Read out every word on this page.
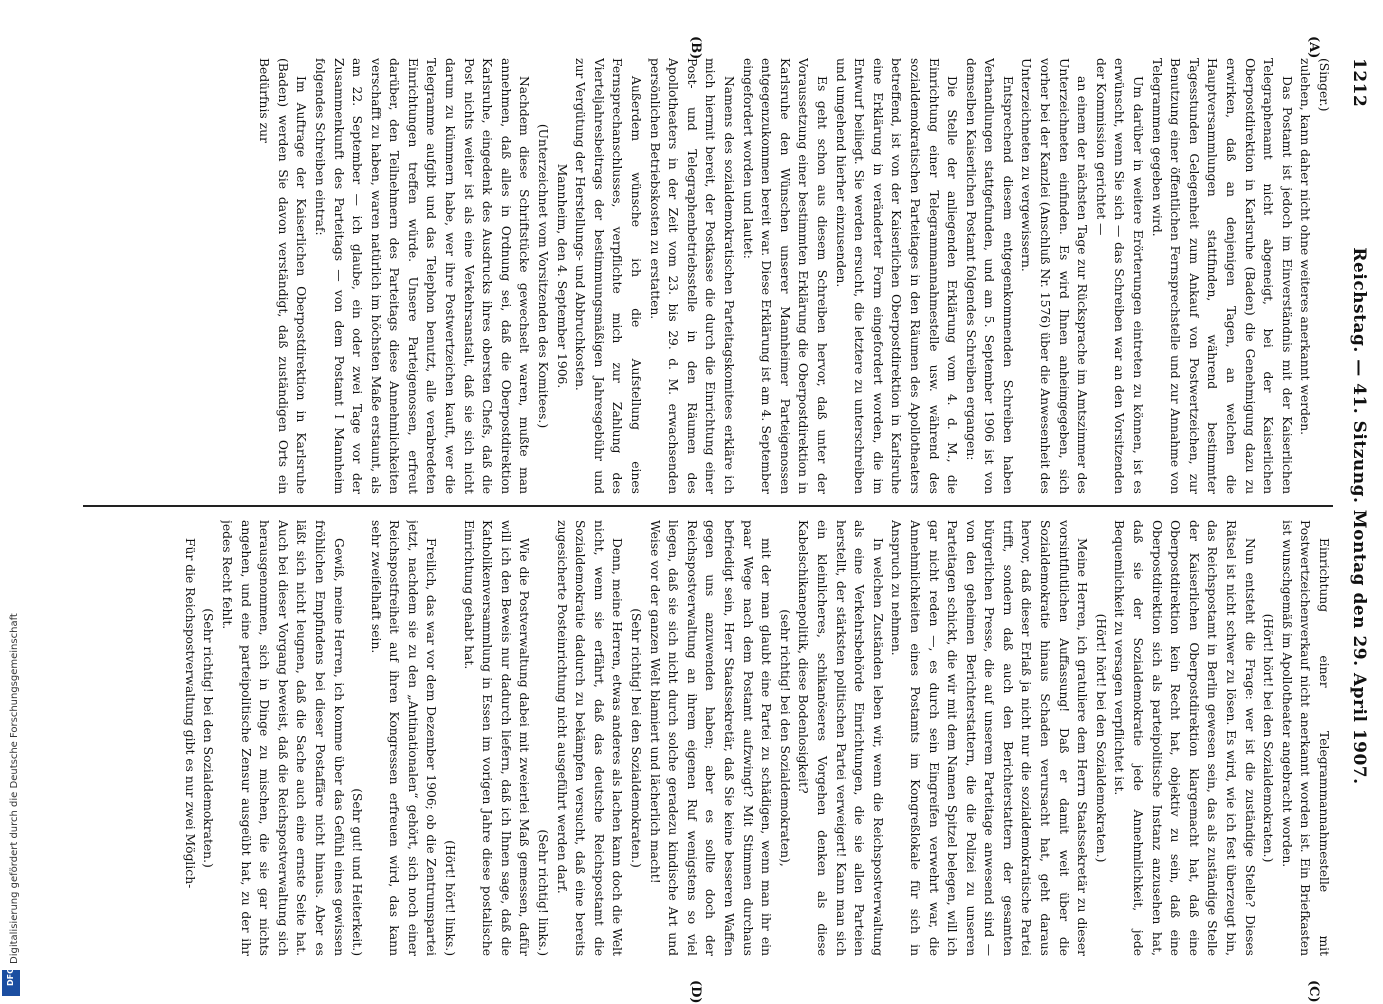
Reichstag. — 41. Sitzung. Montag den 29. April 1907.
1212
(A)
(B)
(C)
(D)

(Singer.)

zulehen, kann daher nicht ohne weiteres anerkannt werden.

Das Postamt ist jedoch im Einverständnis mit der Kaiserlichen Telegraphenamt nicht abgeneigt, bei der Kaiserlichen Oberpostdirektion in Karlsruhe (Baden) die Genehmigung dazu zu erwirken, daß an denjenigen Tagen, an welchen die Hauptversammlungen stattfinden, während bestimmter Tagesstunden Gelegenheit zum Ankauf von Postwertzeichen, zur Benutzung einer öffentlichen Fernsprechstelle und zur Annahme von Telegrammen gegeben wird.

Um darüber in weitere Erörterungen eintreten zu können, ist es erwünscht, wenn Sie sich — das Schreiben war an den Vorsitzenden der Kommission gerichtet —

an einem der nächsten Tage zur Rücksprache im Amtszimmer des Unterzeichneten einfinden. Es wird Ihnen anheimgegeben, sich vorher bei der Kanzlei (Anschluß Nr. 1576) über die Anwesenheit des Unterzeichneten zu vergewissern.

Entsprechend diesem entgegenkommenden Schreiben haben Verhandlungen stattgefunden, und am 5. September 1906 ist von demselben Kaiserlichen Postamt folgendes Schreiben ergangen:

Die Stelle der anliegenden Erklärung vom 4. d. M., die Einrichtung einer Telegrammannahmestelle usw. während des sozialdemokratischen Parteitages in den Räumen des Apollotheaters betreffend, ist von der Kaiserlichen Oberpostdirektion in Karlsruhe eine Erklärung in veränderter Form eingefordert worden, die im Entwurf beiliegt. Sie werden ersucht, die letztere zu unterschreiben und umgehend hierher einzusenden.

Es geht schon aus diesem Schreiben hervor, daß unter der Voraussetzung einer bestimmten Erklärung die Oberpostdirektion in Karlsruhe den Wünschen unserer Mannheimer Parteigenossen entgegenzukommen bereit war. Diese Erklärung ist am 4. September eingefordert worden und lautet:

Namens des sozialdemokratischen Parteitagskomitees erkläre ich mich hiermit bereit, der Postkasse die durch die Einrichtung einer Post- und Telegraphenbetriebsstelle in den Räumen des Apollotheaters in der Zeit vom 23. bis 29. d. M. erwachsenden persönlichen Betriebskosten zu erstatten.

Außerdem wünsche ich die Aufstellung eines Fernsprechanschlusses, verpflichte mich zur Zahlung des Vierteljahresbeitrags der bestimmungsmäßigen Jahresgebühr und zur Vergütung der Herstellungs- und Abbruchkosten.

Mannheim, den 4. September 1906.

(Unterzeichnet vom Vorsitzenden des Komitees.)

Nachdem diese Schriftstücke gewechselt waren, mußte man annehmen, daß alles in Ordnung sei, daß die Oberpostdirektion Karlsruhe, eingedenk des Ausdrucks ihres obersten Chefs, daß die Post nichts weiter ist als eine Verkehrsanstalt, daß sie sich nicht darum zu kümmern habe, wer ihre Postwertzeichen kauft, wer die Telegramme aufgibt und das Telephon benutzt, alle verabredeten Einrichtungen treffen würde. Unsere Parteigenossen, erfreut darüber, den Teilnehmern des Parteitags diese Annehmlichkeiten verschafft zu haben, waren natürlich im höchsten Maße erstaunt, als am 22. September — ich glaube, ein oder zwei Tage vor der Zusammenkunft des Parteitags — von dem Postamt I Mannheim folgendes Schreiben eintraf:

Im Auftrage der Kaiserlichen Oberpostdirektion in Karlsruhe (Baden) werden Sie davon verständigt, daß zuständigen Orts ein Bedürfnis zur

Einrichtung einer Telegrammannahmestelle mit Postwertzeichenverkauf nicht anerkannt worden ist. Ein Briefkasten ist wunschgemäß im Apollotheater angebracht worden.

(Hört! hört! bei den Sozialdemokraten.)

Nun entsteht die Frage: wer ist die zuständige Stelle? Dieses Rätsel ist nicht schwer zu lösen. Es wird, wie ich fest überzeugt bin, das Reichspostamt in Berlin gewesen sein, das als zuständige Stelle der Kaiserlichen Oberpostdirektion klargemacht hat, daß eine Oberpostdirektion kein Recht hat, objektiv zu sein, daß eine Oberpostdirektion sich als parteipolitische Instanz anzusehen hat, daß sie der Sozialdemokratie jede Annehmlichkeit, jede Bequemlichkeit zu versagen verpflichtet ist.

(Hört! hört! bei den Sozialdemokraten.)

Meine Herren, ich gratuliere dem Herrn Staatssekretär zu dieser vorsintflutlichen Auffassung! Daß er damit weit über die Sozialdemokratie hinaus Schaden verursacht hat, geht daraus hervor, daß dieser Erlaß ja nicht nur die sozialdemokratische Partei trifft, sondern daß auch den Berichterstattern der gesamten bürgerlichen Presse, die auf unserem Parteitage anwesend sind — von den geheimen Berichterstattern, die die Polizei zu unseren Parteitagen schickt, die wir mit dem Namen Spitzel belegen, will ich gar nicht reden —, es durch sein Eingreifen verwehrt war, die Annehmlichkeiten eines Postamts im Kongreßlokale für sich in Anspruch zu nehmen.

In welchen Zuständen leben wir, wenn die Reichspostverwaltung als eine Verkehrsbehörde Einrichtungen, die sie allen Parteien herstellt, der stärksten politischen Partei verweigert! Kann man sich ein kleinlicheres, schikanöseres Vorgehen denken als diese Kabelschikanepolitik, diese Bodenlosigkeit?

(sehr richtig! bei den Sozialdemokraten),

mit der man glaubt eine Partei zu schädigen, wenn man ihr ein paar Wege nach dem Postamt aufzwingt? Mit Stimmen durchaus befriedigt sein, Herr Staatssekretär, daß Sie keine besseren Waffen gegen uns anzuwenden haben; aber es sollte doch der Reichspostverwaltung an ihrem eigenen Ruf wenigstens so viel liegen, daß sie sich nicht durch solche geradezu kindische Art und Weise vor der ganzen Welt blamiert und lächerlich macht!

(Sehr richtig! bei den Sozialdemokraten.)

Denn, meine Herren, etwas anderes als lachen kann doch die Welt nicht, wenn sie erfährt, daß das deutsche Reichspostamt die Sozialdemokratie dadurch zu bekämpfen versucht, daß eine bereits zugesicherte Posteinrichtung nicht ausgeführt werden darf.

(Sehr richtig! links.)

Wie die Postverwaltung dabei mit zweierlei Maß gemessen, dafür will ich den Beweis nur dadurch liefern, daß ich Ihnen sage, daß die Katholikenversammlung in Essen im vorigen Jahre diese postalische Einrichtung gehabt hat.

(Hört! hört! links.)

Freilich, das war vor dem Dezember 1906; ob die Zentrumspartei jetzt, nachdem sie zu den „Antinationalen“ gehört, sich noch einer Reichspostfreiheit auf ihren Kongressen erfreuen wird, das kann sehr zweifelhaft sein.

(Sehr gut! und Heiterkeit.)

Gewiß, meine Herren, ich komme über das Gefühl eines gewissen fröhlichen Empfindens bei dieser Postaffäre nicht hinaus. Aber es läßt sich nicht leugnen, daß die Sache auch eine ernste Seite hat. Auch bei dieser Vorgang beweist, daß die Reichspostverwaltung sich herausgenommen, sich in Dinge zu mischen, die sie gar nichts angehen, und eine parteipolitische Zensur ausgeübt hat, zu der ihr jedes Recht fehlt.

(Sehr richtig! bei den Sozialdemokraten.)

Für die Reichspostverwaltung gibt es nur zwei Möglich-

Digitalisierung gefördert durch die Deutsche Forschungsgemeinschaft
DFG
